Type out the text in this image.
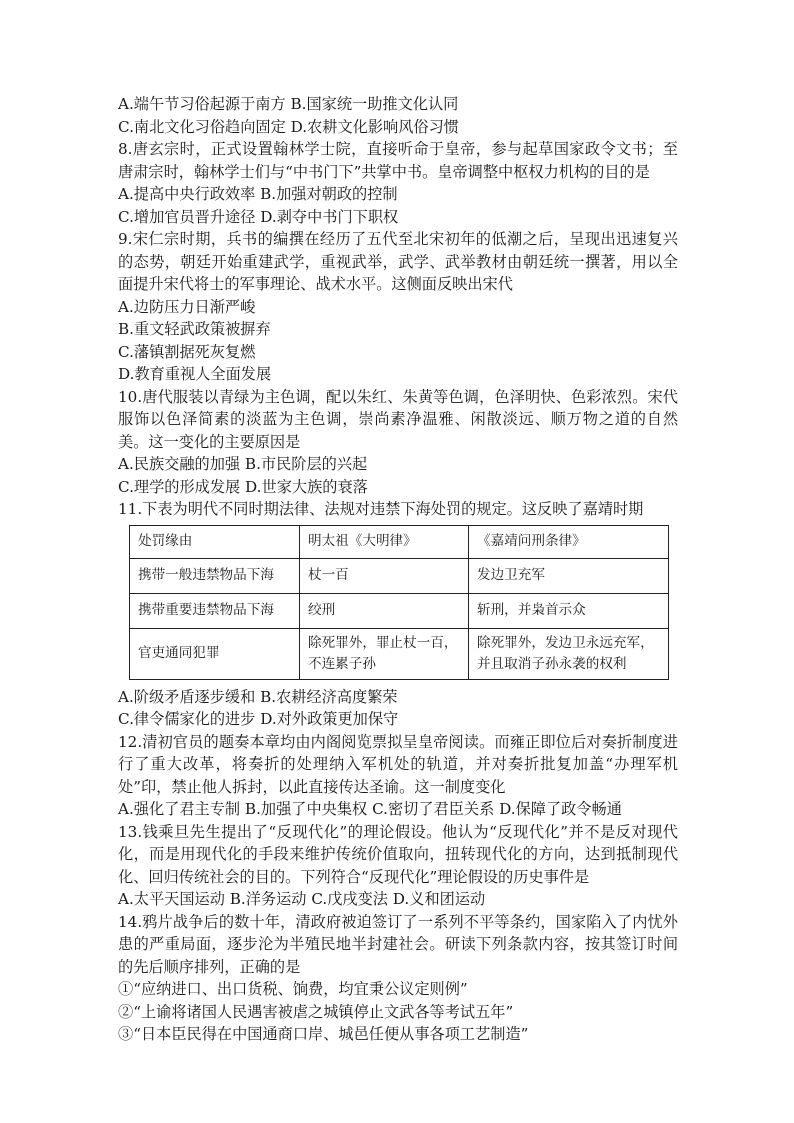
A.端午节习俗起源于南方 B.国家统一助推文化认同
C.南北文化习俗趋向固定 D.农耕文化影响风俗习惯
8.唐玄宗时，正式设置翰林学士院，直接听命于皇帝，参与起草国家政令文书；至唐肃宗时，翰林学士们与“中书门下”共掌中书。皇帝调整中枢权力机构的目的是
A.提高中央行政效率 B.加强对朝政的控制
C.增加官员晋升途径 D.剥夺中书门下职权
9.宋仁宗时期，兵书的编撰在经历了五代至北宋初年的低潮之后，呈现出迅速复兴的态势，朝廷开始重建武学，重视武举，武学、武举教材由朝廷统一撰著，用以全面提升宋代将士的军事理论、战术水平。这侧面反映出宋代
A.边防压力日渐严峻
B.重文轻武政策被摒弃
C.藩镇割据死灰复燃
D.教育重视人全面发展
10.唐代服装以青绿为主色调，配以朱红、朱黄等色调，色泽明快、色彩浓烈。宋代服饰以色泽简素的淡蓝为主色调，崇尚素净温雅、闲散淡远、顺万物之道的自然美。这一变化的主要原因是
A.民族交融的加强 B.市民阶层的兴起
C.理学的形成发展 D.世家大族的衰落
11.下表为明代不同时期法律、法规对违禁下海处罚的规定。这反映了嘉靖时期
处罚缘由	明太祖《大明律》	《嘉靖问刑条律》
携带一般违禁物品下海	杖一百	发边卫充军
携带重要违禁物品下海	绞刑	斩刑，并枭首示众
官吏通同犯罪	除死罪外，罪止杖一百，不连累子孙	除死罪外，发边卫永远充军，并且取消子孙永袭的权利
A.阶级矛盾逐步缓和 B.农耕经济高度繁荣
C.律令儒家化的进步 D.对外政策更加保守
12.清初官员的题奏本章均由内阁阅览票拟呈皇帝阅读。而雍正即位后对奏折制度进行了重大改革，将奏折的处理纳入军机处的轨道，并对奏折批复加盖“办理军机处”印，禁止他人拆封，以此直接传达圣谕。这一制度变化
A.强化了君主专制 B.加强了中央集权 C.密切了君臣关系 D.保障了政令畅通
13.钱乘旦先生提出了“反现代化”的理论假设。他认为“反现代化”并不是反对现代化，而是用现代化的手段来维护传统价值取向，扭转现代化的方向，达到抵制现代化、回归传统社会的目的。下列符合“反现代化”理论假设的历史事件是
A.太平天国运动 B.洋务运动 C.戊戌变法 D.义和团运动
14.鸦片战争后的数十年，清政府被迫签订了一系列不平等条约，国家陷入了内忧外患的严重局面，逐步沦为半殖民地半封建社会。研读下列条款内容，按其签订时间的先后顺序排列，正确的是
①“应纳进口、出口货税、饷费，均宜秉公议定则例”
②“上谕将诸国人民遇害被虐之城镇停止文武各等考试五年”
③“日本臣民得在中国通商口岸、城邑任便从事各项工艺制造”
